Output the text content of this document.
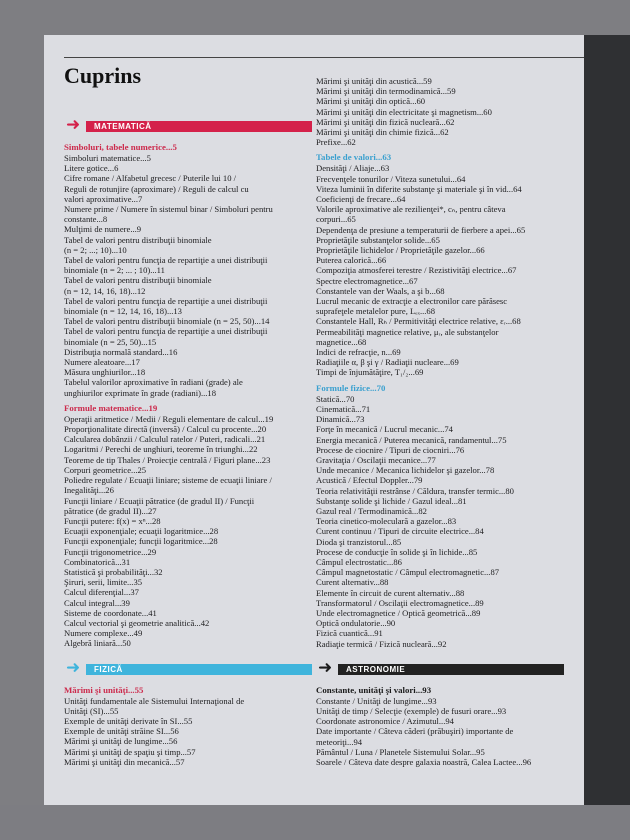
Cuprins
➜	MATEMATICĂ

Simboluri, tabele numerice...5

Simboluri matematice...5

Litere gotice...6

Cifre romane / Alfabetul grecesc / Puterile lui 10 /

Reguli de rotunjire (aproximare) / Reguli de calcul cu

valori aproximative...7

Numere prime / Numere în sistemul binar / Simboluri pentru

constante...8

Mulţimi de numere...9

Tabel de valori pentru distribuţii binomiale

(n = 2; ...; 10)...10

Tabel de valori pentru funcţia de repartiţie a unei distribuţii

binomiale (n = 2; ... ; 10)...11

Tabel de valori pentru distribuţii binomiale

(n = 12, 14, 16, 18)...12

Tabel de valori pentru funcţia de repartiţie a unei distribuţii

binomiale (n = 12, 14, 16, 18)...13

Tabel de valori pentru distribuţii binomiale (n = 25, 50)...14

Tabel de valori pentru funcţia de repartiţie a unei distribuţii

binomiale (n = 25, 50)...15

Distribuţia normală standard...16

Numere aleatoare...17

Măsura unghiurilor...18

Tabelul valorilor aproximative în radiani (grade) ale

unghiurilor exprimate în grade (radiani)...18

Formule matematice...19

Operaţii aritmetice / Medii / Reguli elementare de calcul...19

Proporţionalitate directă (inversă) / Calcul cu procente...20

Calcularea dobânzii / Calculul ratelor / Puteri, radicali...21

Logaritmi / Perechi de unghiuri, teoreme în triunghi...22

Teoreme de tip Thales / Proiecţie centrală / Figuri plane...23

Corpuri geometrice...25

Poliedre regulate / Ecuaţii liniare; sisteme de ecuaţii liniare /

Inegalităţi...26

Funcţii liniare / Ecuaţii pătratice (de gradul II) / Funcţii

pătratice (de gradul II)...27

Funcţii putere: f(x) = xⁿ...28

Ecuaţii exponenţiale; ecuaţii logaritmice...28

Funcţii exponenţiale; funcţii logaritmice...28

Funcţii trigonometrice...29

Combinatorică...31

Statistică şi probabilităţi...32

Şiruri, serii, limite...35

Calcul diferenţial...37

Calcul integral...39

Sisteme de coordonate...41

Calcul vectorial şi geometrie analitică...42

Numere complexe...49

Algebră liniară...50

➜	FIZICĂ

Mărimi şi unităţi...55

Unităţi fundamentale ale Sistemului Internaţional de

Unităţi (SI)...55

Exemple de unităţi derivate în SI...55

Exemple de unităţi străine SI...56

Mărimi şi unităţi de lungime...56

Mărimi şi unităţi de spaţiu şi timp...57

Mărimi şi unităţi din mecanică...57

Mărimi şi unităţi din acustică...59

Mărimi şi unităţi din termodinamică...59

Mărimi şi unităţi din optică...60

Mărimi şi unităţi din electricitate şi magnetism...60

Mărimi şi unităţi din fizică nucleară...62

Mărimi şi unităţi din chimie fizică...62

Prefixe...62

Tabele de valori...63

Densităţi / Aliaje...63

Frecvenţele tonurilor / Viteza sunetului...64

Viteza luminii în diferite substanţe şi materiale şi în vid...64

Coeficienţi de frecare...64

Valorile aproximative ale rezilienţei*, cₙ, pentru câteva

corpuri...65

Dependenţa de presiune a temperaturii de fierbere a apei...65

Proprietăţile substanţelor solide...65

Proprietăţile lichidelor / Proprietăţile gazelor...66

Puterea calorică...66

Compoziţia atmosferei terestre / Rezistivităţi electrice...67

Spectre electromagnetice...67

Constantele van der Waals, a şi b...68

Lucrul mecanic de extracţie a electronilor care părăsesc

suprafeţele metalelor pure, Lₑₓ...68

Constantele Hall, Rₕ / Permitivităţi electrice relative, εᵣ...68

Permeabilităţi magnetice relative, μᵣ, ale substanţelor

magnetice...68

Indici de refracţie, n...69

Radiaţiile α, β şi γ / Radiaţii nucleare...69

Timpi de înjumătăţire, T₁/₂...69

Formule fizice...70

Statică...70

Cinematică...71

Dinamică...73

Forţe în mecanică / Lucrul mecanic...74

Energia mecanică / Puterea mecanică, randamentul...75

Procese de ciocnire / Tipuri de ciocniri...76

Gravitaţia / Oscilaţii mecanice...77

Unde mecanice / Mecanica lichidelor şi gazelor...78

Acustică / Efectul Doppler...79

Teoria relativităţii restrânse / Căldura, transfer termic...80

Substanţe solide şi lichide / Gazul ideal...81

Gazul real / Termodinamică...82

Teoria cinetico-moleculară a gazelor...83

Curent continuu / Tipuri de circuite electrice...84

Dioda şi tranzistorul...85

Procese de conducţie în solide şi în lichide...85

Câmpul electrostatic...86

Câmpul magnetostatic / Câmpul electromagnetic...87

Curent alternativ...88

Elemente în circuit de curent alternativ...88

Transformatorul / Oscilaţii electromagnetice...89

Unde electromagnetice / Optică geometrică...89

Optică ondulatorie...90

Fizică cuantică...91

Radiaţie termică / Fizică nucleară...92

➜	ASTRONOMIE

Constante, unităţi şi valori...93

Constante / Unităţi de lungime...93

Unităţi de timp / Selecţie (exemple) de fusuri orare...93

Coordonate astronomice / Azimutul...94

Date importante / Câteva căderi (prăbuşiri) importante de

meteoriţi...94

Pământul / Luna / Planetele Sistemului Solar...95

Soarele / Câteva date despre galaxia noastră, Calea Lactee...96
